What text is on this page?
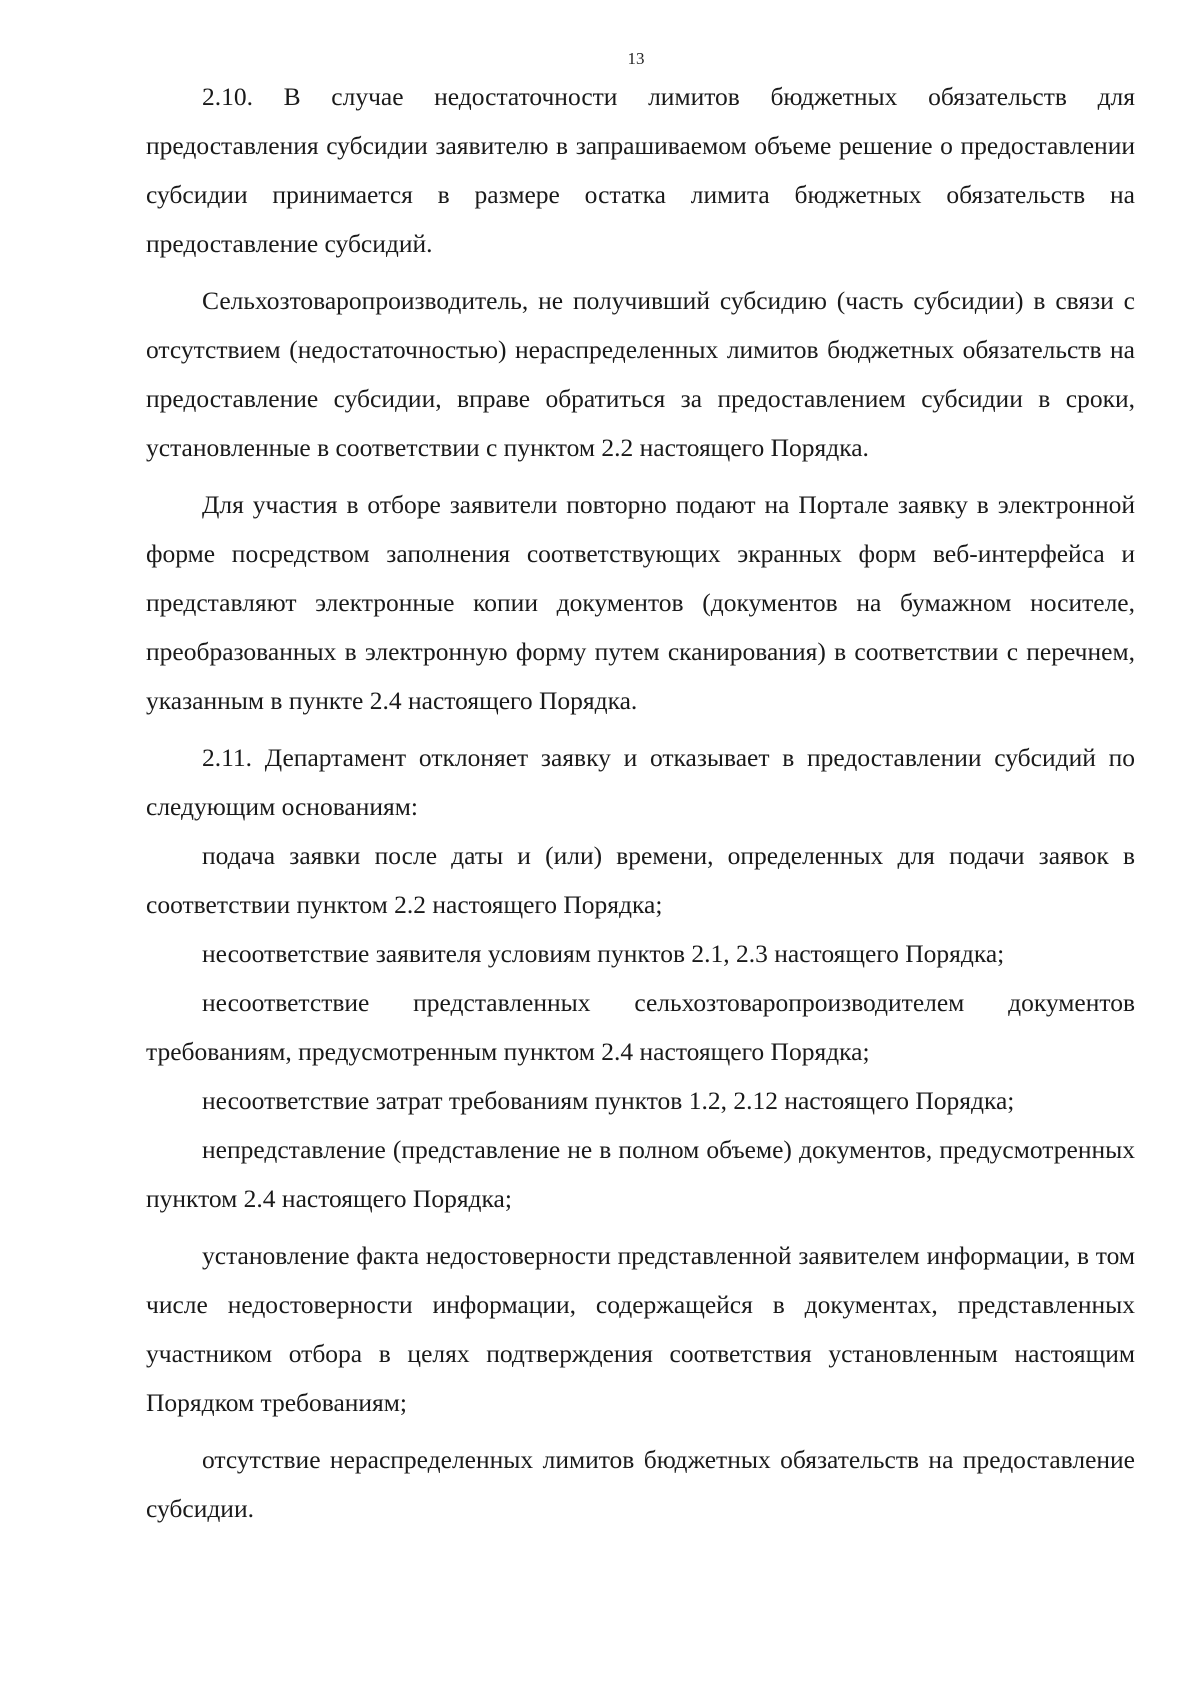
13

2.10. В случае недостаточности лимитов бюджетных обязательств для предоставления субсидии заявителю в запрашиваемом объеме решение о предоставлении субсидии принимается в размере остатка лимита бюджетных обязательств на предоставление субсидий.

Сельхозтоваропроизводитель, не получивший субсидию (часть субсидии) в связи с отсутствием (недостаточностью) нераспределенных лимитов бюджетных обязательств на предоставление субсидии, вправе обратиться за предоставлением субсидии в сроки, установленные в соответствии с пунктом 2.2 настоящего Порядка.

Для участия в отборе заявители повторно подают на Портале заявку в электронной форме посредством заполнения соответствующих экранных форм веб-интерфейса и представляют электронные копии документов (документов на бумажном носителе, преобразованных в электронную форму путем сканирования) в соответствии с перечнем, указанным в пункте 2.4 настоящего Порядка.

2.11. Департамент отклоняет заявку и отказывает в предоставлении субсидий по следующим основаниям:

подача заявки после даты и (или) времени, определенных для подачи заявок в соответствии пунктом 2.2 настоящего Порядка;

несоответствие заявителя условиям пунктов 2.1, 2.3 настоящего Порядка;

несоответствие представленных сельхозтоваропроизводителем документов требованиям, предусмотренным пунктом 2.4 настоящего Порядка;

несоответствие затрат требованиям пунктов 1.2, 2.12 настоящего Порядка;

непредставление (представление не в полном объеме) документов, предусмотренных пунктом 2.4 настоящего Порядка;

установление факта недостоверности представленной заявителем информации, в том числе недостоверности информации, содержащейся в документах, представленных участником отбора в целях подтверждения соответствия установленным настоящим Порядком требованиям;

отсутствие нераспределенных лимитов бюджетных обязательств на предоставление субсидии.
